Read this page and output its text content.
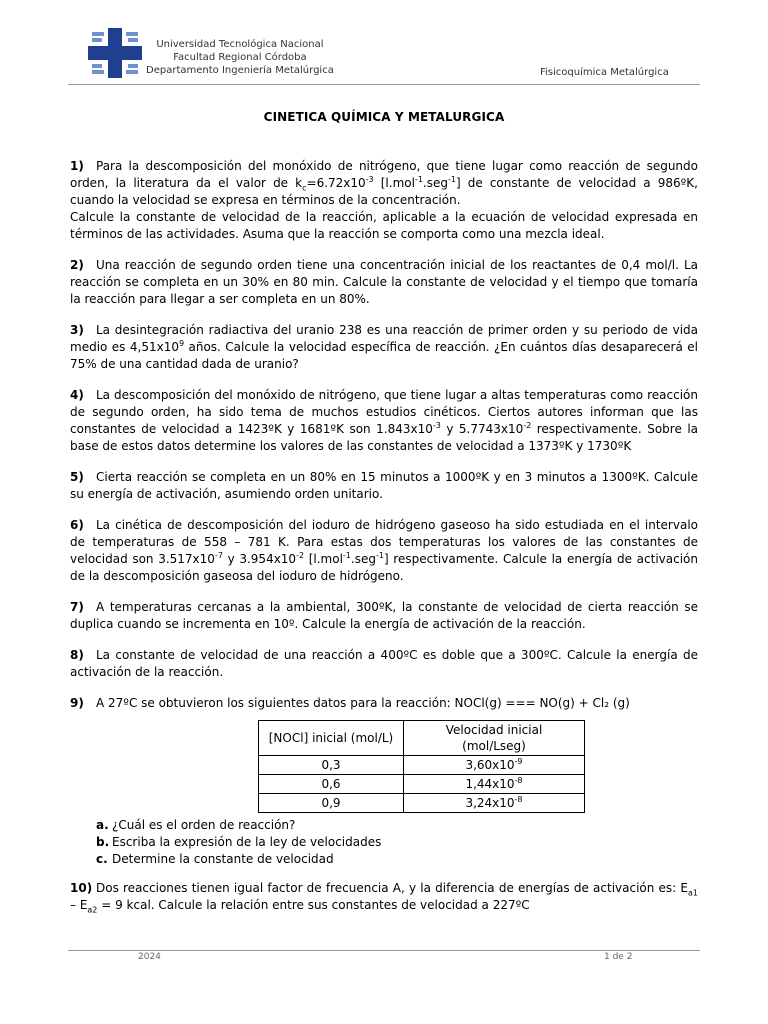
Universidad Tecnológica Nacional
Facultad Regional Córdoba
Departamento Ingeniería Metalúrgica	Fisicoquímica Metalúrgica
CINETICA QUÍMICA Y METALURGICA

1) Para la descomposición del monóxido de nitrógeno, que tiene lugar como reacción de segundo orden, la literatura da el valor de $k_c=6.72x10^{-3}$ [l.mol$^{-1}$.seg$^{-1}$] de constante de velocidad a 986ºK, cuando la velocidad se expresa en términos de la concentración.

Calcule la constante de velocidad de la reacción, aplicable a la ecuación de velocidad expresada en términos de las actividades. Asuma que la reacción se comporta como una mezcla ideal.

2) Una reacción de segundo orden tiene una concentración inicial de los reactantes de 0,4 mol/l. La reacción se completa en un 30% en 80 min. Calcule la constante de velocidad y el tiempo que tomaría la reacción para llegar a ser completa en un 80%.

3) La desintegración radiactiva del uranio 238 es una reacción de primer orden y su periodo de vida medio es $4,51x10^9$ años. Calcule la velocidad específica de reacción. ¿En cuántos días desaparecerá el 75% de una cantidad dada de uranio?

4) La descomposición del monóxido de nitrógeno, que tiene lugar a altas temperaturas como reacción de segundo orden, ha sido tema de muchos estudios cinéticos. Ciertos autores informan que las constantes de velocidad a 1423ºK y 1681ºK son $1.843x10^{-3}$ y $5.7743x10^{-2}$ respectivamente. Sobre la base de estos datos determine los valores de las constantes de velocidad a 1373ºK y 1730ºK

5) Cierta reacción se completa en un 80% en 15 minutos a 1000ºK y en 3 minutos a 1300ºK. Calcule su energía de activación, asumiendo orden unitario.

6) La cinética de descomposición del ioduro de hidrógeno gaseoso ha sido estudiada en el intervalo de temperaturas de 558 – 781 K. Para estas dos temperaturas los valores de las constantes de velocidad son $3.517x10^{-7}$ y $3.954x10^{-2}$ [l.mol$^{-1}$.seg$^{-1}$] respectivamente. Calcule la energía de activación de la descomposición gaseosa del ioduro de hidrógeno.

7) A temperaturas cercanas a la ambiental, 300ºK, la constante de velocidad de cierta reacción se duplica cuando se incrementa en 10º. Calcule la energía de activación de la reacción.

8) La constante de velocidad de una reacción a 400ºC es doble que a 300ºC. Calcule la energía de activación de la reacción.

9) A 27ºC se obtuvieron los siguientes datos para la reacción: NOCl(g) === NO(g) + Cl₂ (g)

[NOCl] inicial (mol/L)	Velocidad inicial (mol/Lseg)
0,3	$3,60x10^{-9}$
0,6	$1,44x10^{-8}$
0,9	$3,24x10^{-8}$
a. ¿Cuál es el orden de reacción?
b. Escriba la expresión de la ley de velocidades
c. Determine la constante de velocidad

10) Dos reacciones tienen igual factor de frecuencia A, y la diferencia de energías de activación es: $E_{a1} - E_{a2} = 9$ kcal. Calcule la relación entre sus constantes de velocidad a 227ºC

2024	1 de 2
